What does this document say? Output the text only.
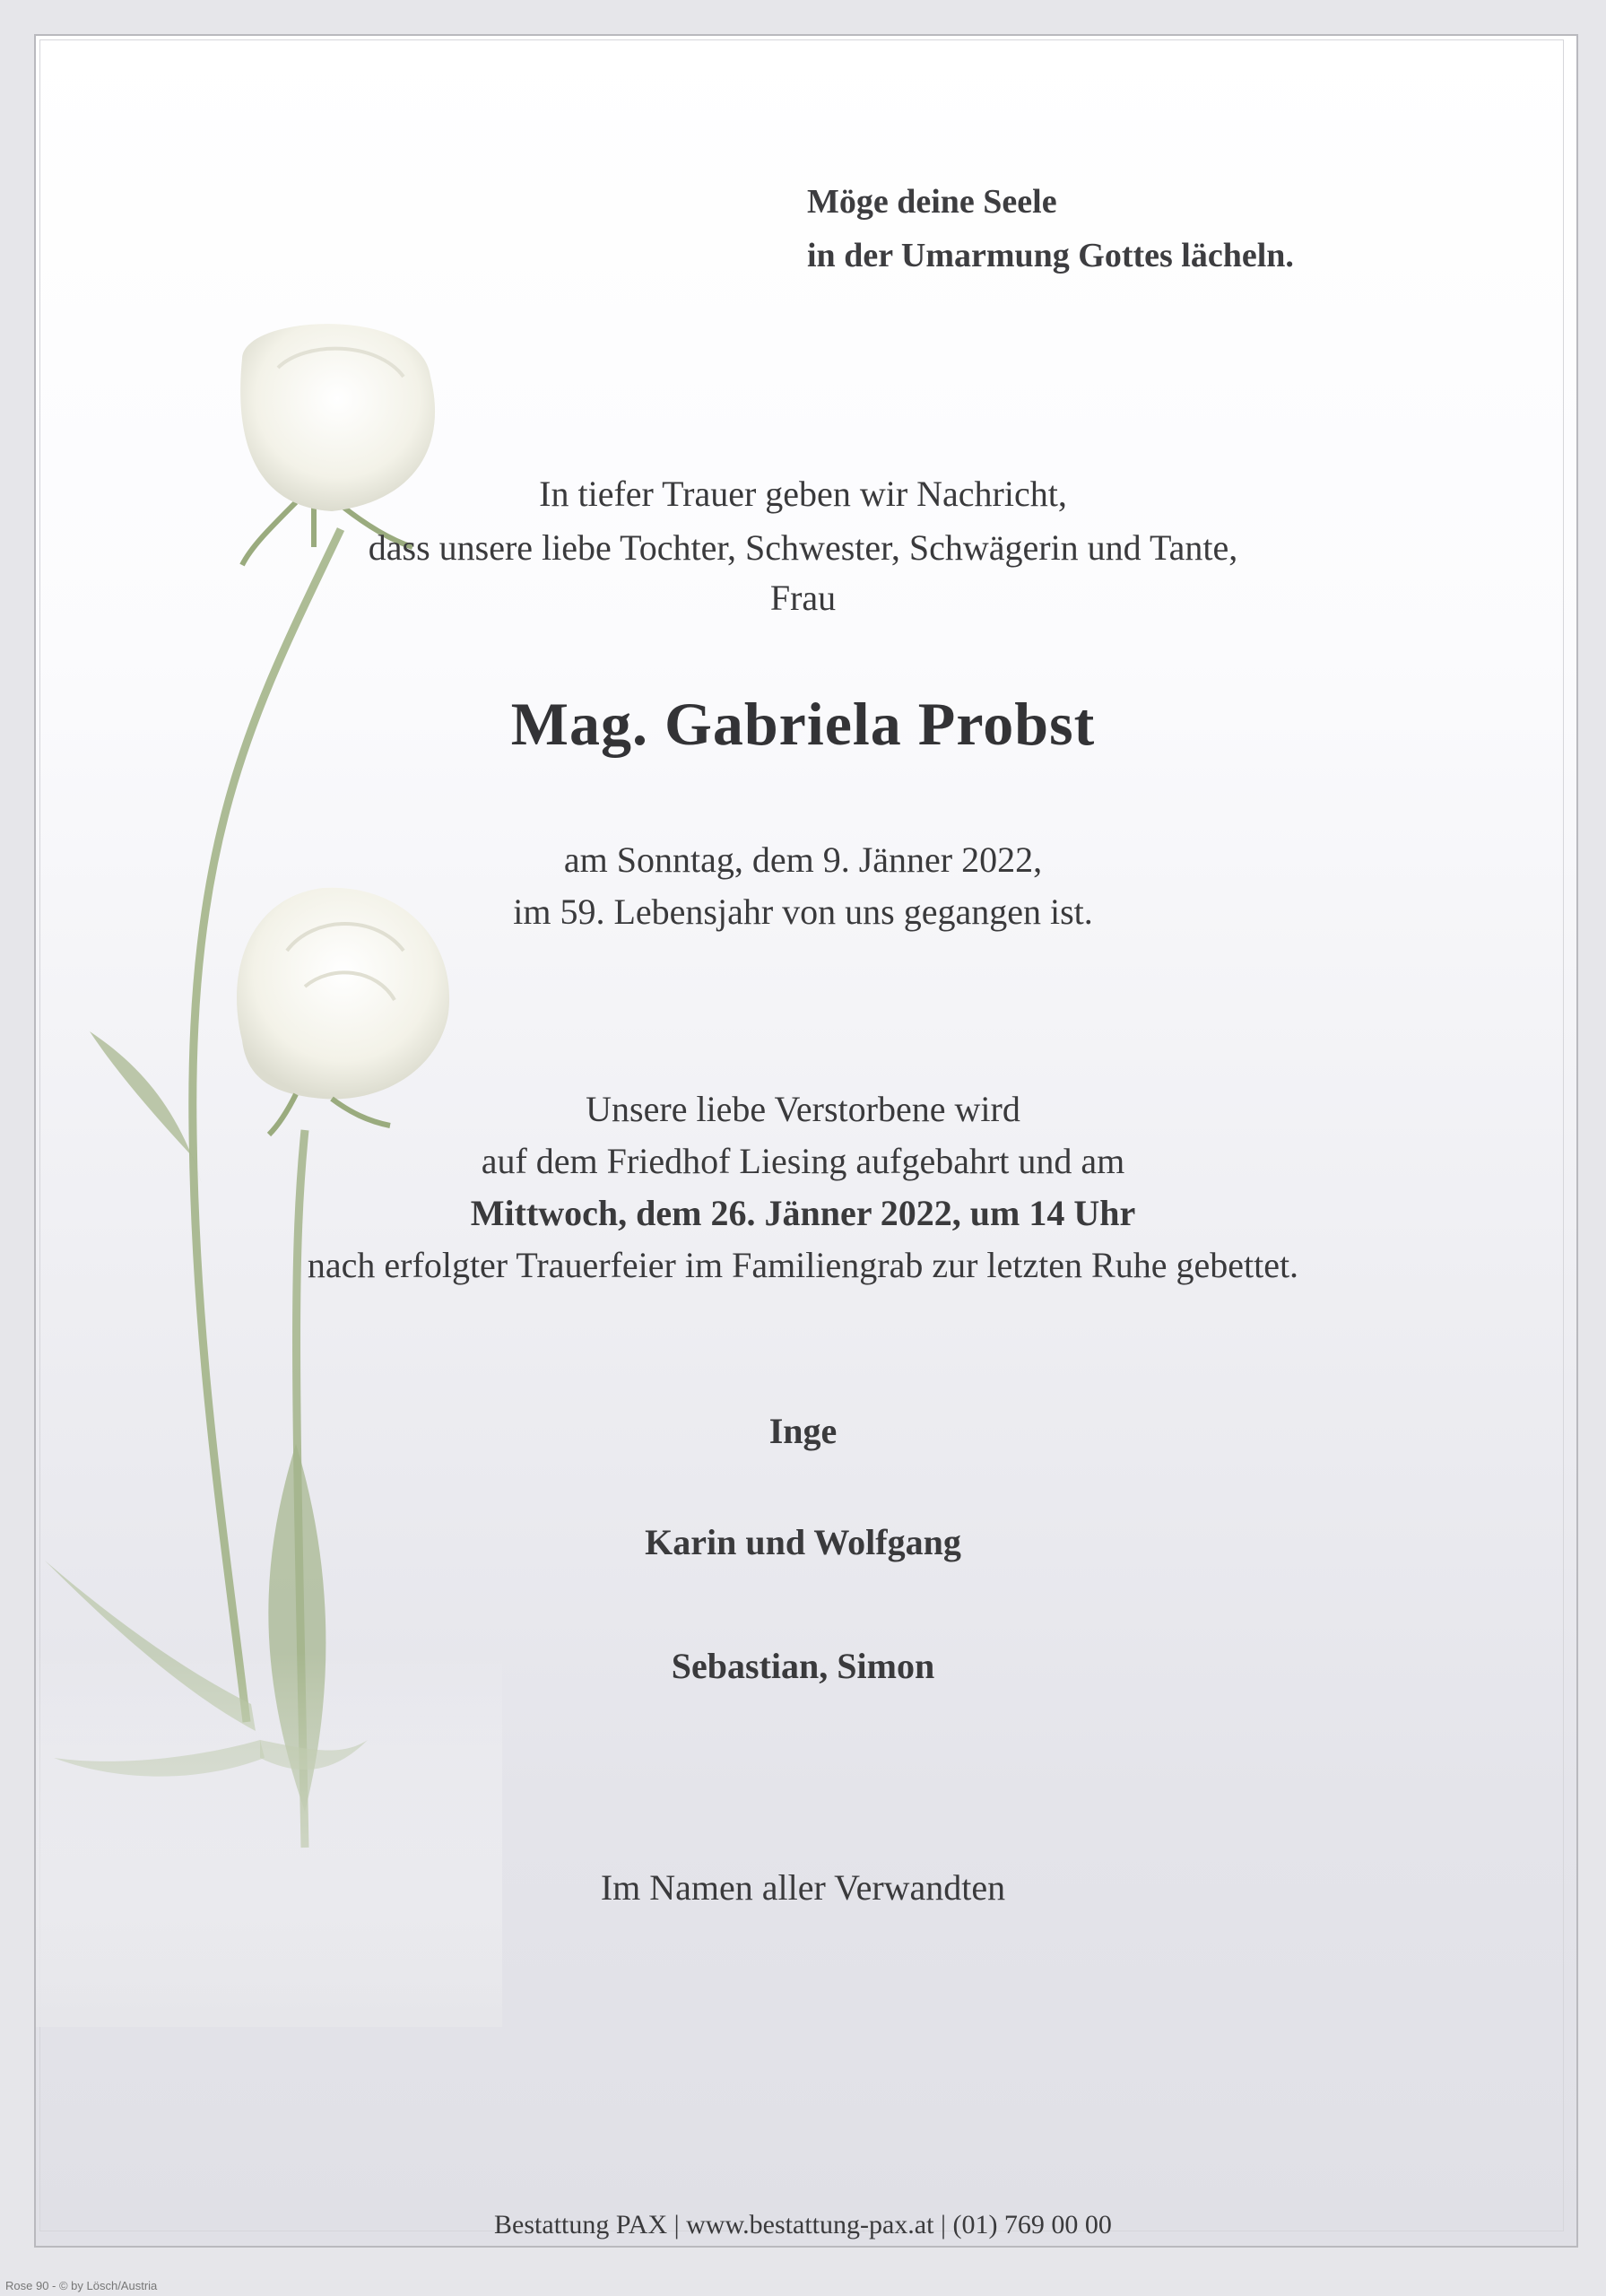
Möge deine Seele
in der Umarmung Gottes lächeln.
In tiefer Trauer geben wir Nachricht,
dass unsere liebe Tochter, Schwester, Schwägerin und Tante,
Frau
Mag. Gabriela Probst
am Sonntag, dem 9. Jänner 2022,
im 59. Lebensjahr von uns gegangen ist.
Unsere liebe Verstorbene wird
auf dem Friedhof Liesing aufgebahrt und am
Mittwoch, dem 26. Jänner 2022, um 14 Uhr
nach erfolgter Trauerfeier im Familiengrab zur letzten Ruhe gebettet.
Inge
Karin und Wolfgang
Sebastian, Simon
Im Namen aller Verwandten
Bestattung PAX | www.bestattung-pax.at | (01) 769 00 00
Rose 90 - © by Lösch/Austria
